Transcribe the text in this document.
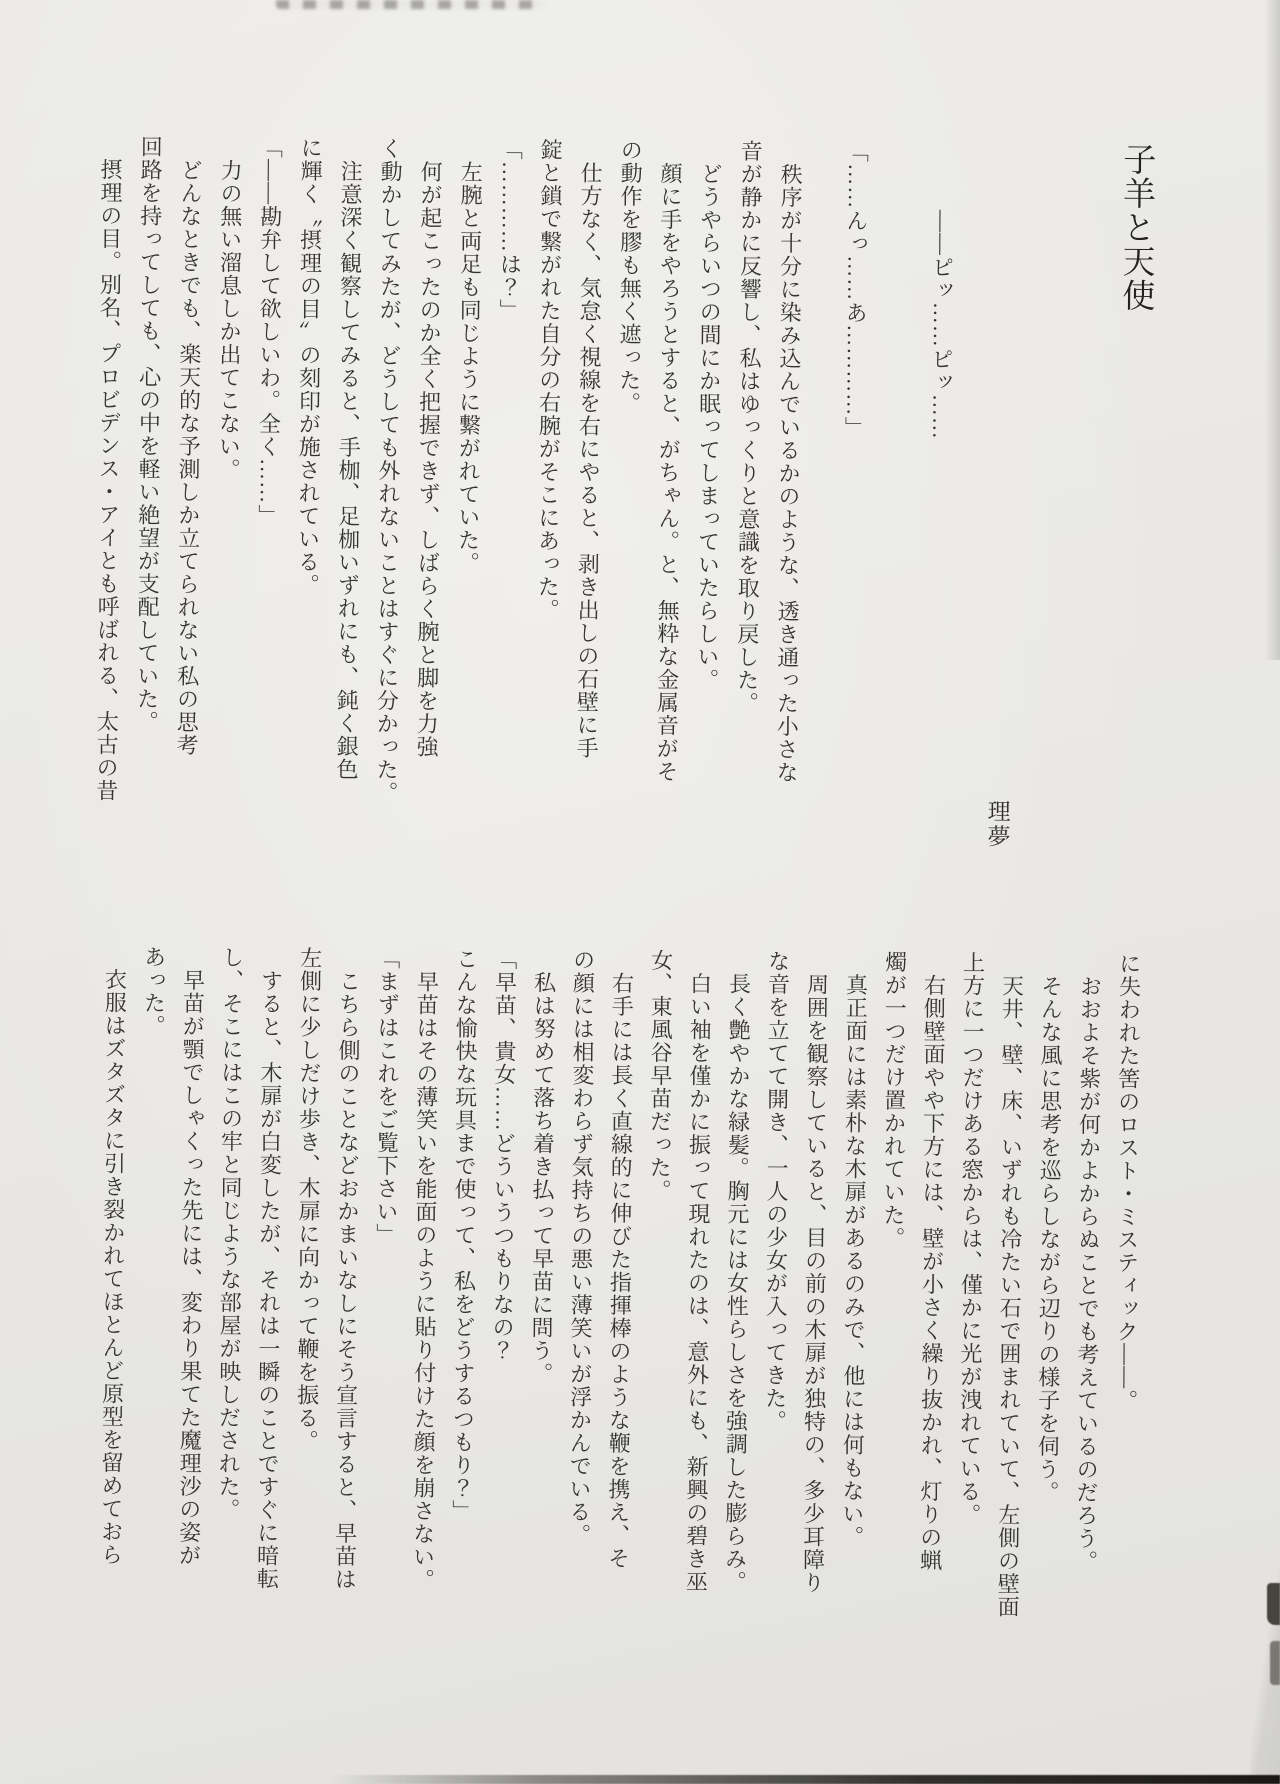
子羊と天使
理夢

――ピッ……ピッ……

「……んっ……あ…………」

秩序が十分に染み込んでいるかのような、透き通った小さな

音が静かに反響し、私はゆっくりと意識を取り戻した。

どうやらいつの間にか眠ってしまっていたらしい。

顔に手をやろうとすると、がちゃん。と、無粋な金属音がそ

の動作を膠も無く遮った。

仕方なく、気怠く視線を右にやると、剥き出しの石壁に手

錠と鎖で繋がれた自分の右腕がそこにあった。

「…………は？」

左腕と両足も同じように繋がれていた。

何が起こったのか全く把握できず、しばらく腕と脚を力強

く動かしてみたが、どうしても外れないことはすぐに分かった。

注意深く観察してみると、手枷、足枷いずれにも、鈍く銀色

に輝く〝摂理の目〟の刻印が施されている。

「――勘弁して欲しいわ。全く……」

力の無い溜息しか出てこない。

どんなときでも、楽天的な予測しか立てられない私の思考

回路を持ってしても、心の中を軽い絶望が支配していた。

摂理の目。別名、プロビデンス・アイとも呼ばれる、太古の昔

に失われた筈のロスト・ミスティック――。

おおよそ紫が何かよからぬことでも考えているのだろう。

そんな風に思考を巡らしながら辺りの様子を伺う。

天井、壁、床、いずれも冷たい石で囲まれていて、左側の壁面

上方に一つだけある窓からは、僅かに光が洩れている。

右側壁面やや下方には、壁が小さく繰り抜かれ、灯りの蝋

燭が一つだけ置かれていた。

真正面には素朴な木扉があるのみで、他には何もない。

周囲を観察していると、目の前の木扉が独特の、多少耳障り

な音を立てて開き、一人の少女が入ってきた。

長く艶やかな緑髪。胸元には女性らしさを強調した膨らみ。

白い袖を僅かに振って現れたのは、意外にも、新興の碧き巫

女、東風谷早苗だった。

右手には長く直線的に伸びた指揮棒のような鞭を携え、そ

の顔には相変わらず気持ちの悪い薄笑いが浮かんでいる。

私は努めて落ち着き払って早苗に問う。

「早苗、貴女……どういうつもりなの？

こんな愉快な玩具まで使って、私をどうするつもり？」

早苗はその薄笑いを能面のように貼り付けた顔を崩さない。

「まずはこれをご覧下さい」

こちら側のことなどおかまいなしにそう宣言すると、早苗は

左側に少しだけ歩き、木扉に向かって鞭を振る。

すると、木扉が白変したが、それは一瞬のことですぐに暗転

し、そこにはこの牢と同じような部屋が映しだされた。

早苗が顎でしゃくった先には、変わり果てた魔理沙の姿が

あった。

衣服はズタズタに引き裂かれてほとんど原型を留めておら
